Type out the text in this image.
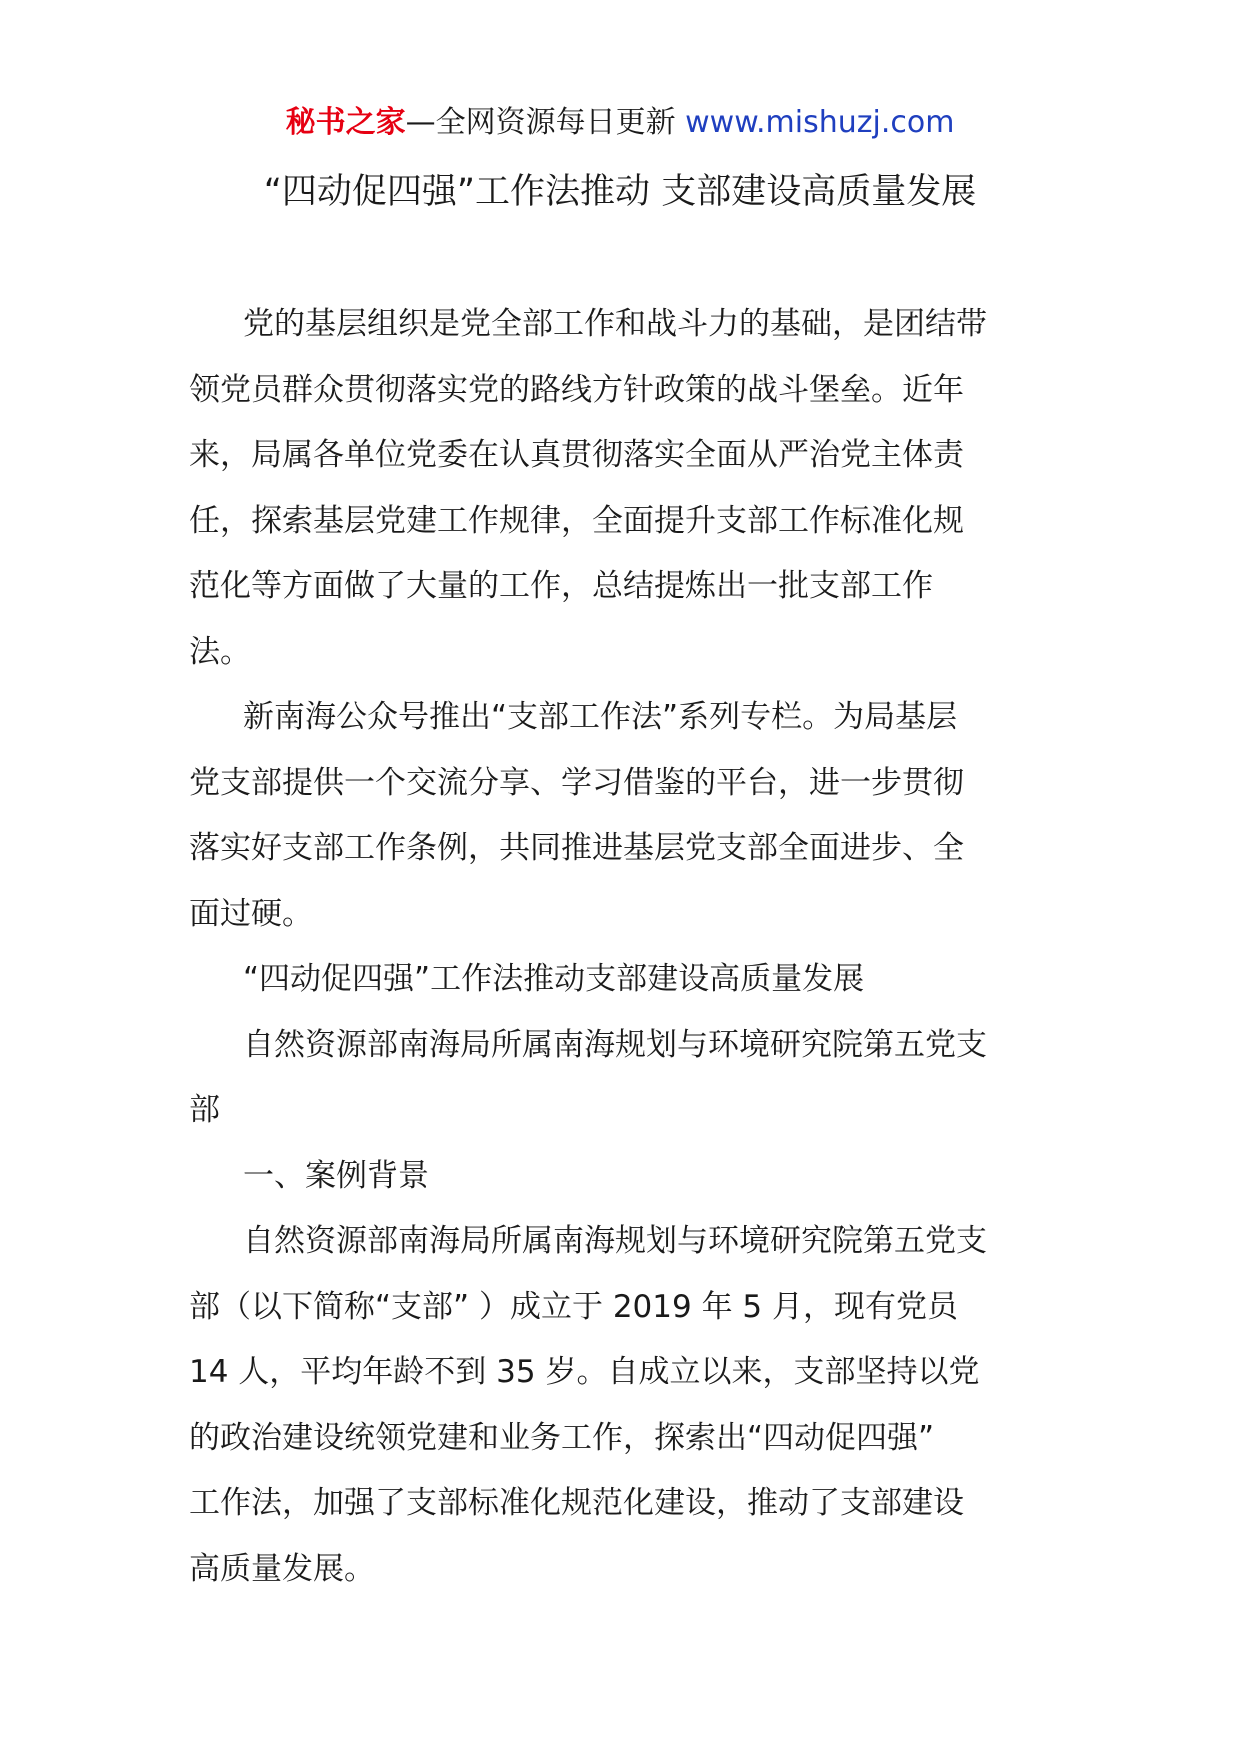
秘书之家—全网资源每日更新 www.mishuzj.com
“四动促四强”工作法推动 支部建设高质量发展
党的基层组织是党全部工作和战斗力的基础，是团结带
领党员群众贯彻落实党的路线方针政策的战斗堡垒。近年
来，局属各单位党委在认真贯彻落实全面从严治党主体责
任，探索基层党建工作规律，全面提升支部工作标准化规
范化等方面做了大量的工作，总结提炼出一批支部工作
法。
新南海公众号推出“支部工作法”系列专栏。为局基层
党支部提供一个交流分享、学习借鉴的平台，进一步贯彻
落实好支部工作条例，共同推进基层党支部全面进步、全
面过硬。
“四动促四强”工作法推动支部建设高质量发展
自然资源部南海局所属南海规划与环境研究院第五党支
部
一、案例背景
自然资源部南海局所属南海规划与环境研究院第五党支
部（以下简称“支部” ）成立于 2019 年 5 月，现有党员
14 人，平均年龄不到 35 岁。自成立以来，支部坚持以党
的政治建设统领党建和业务工作，探索出“四动促四强”
工作法，加强了支部标准化规范化建设，推动了支部建设
高质量发展。
